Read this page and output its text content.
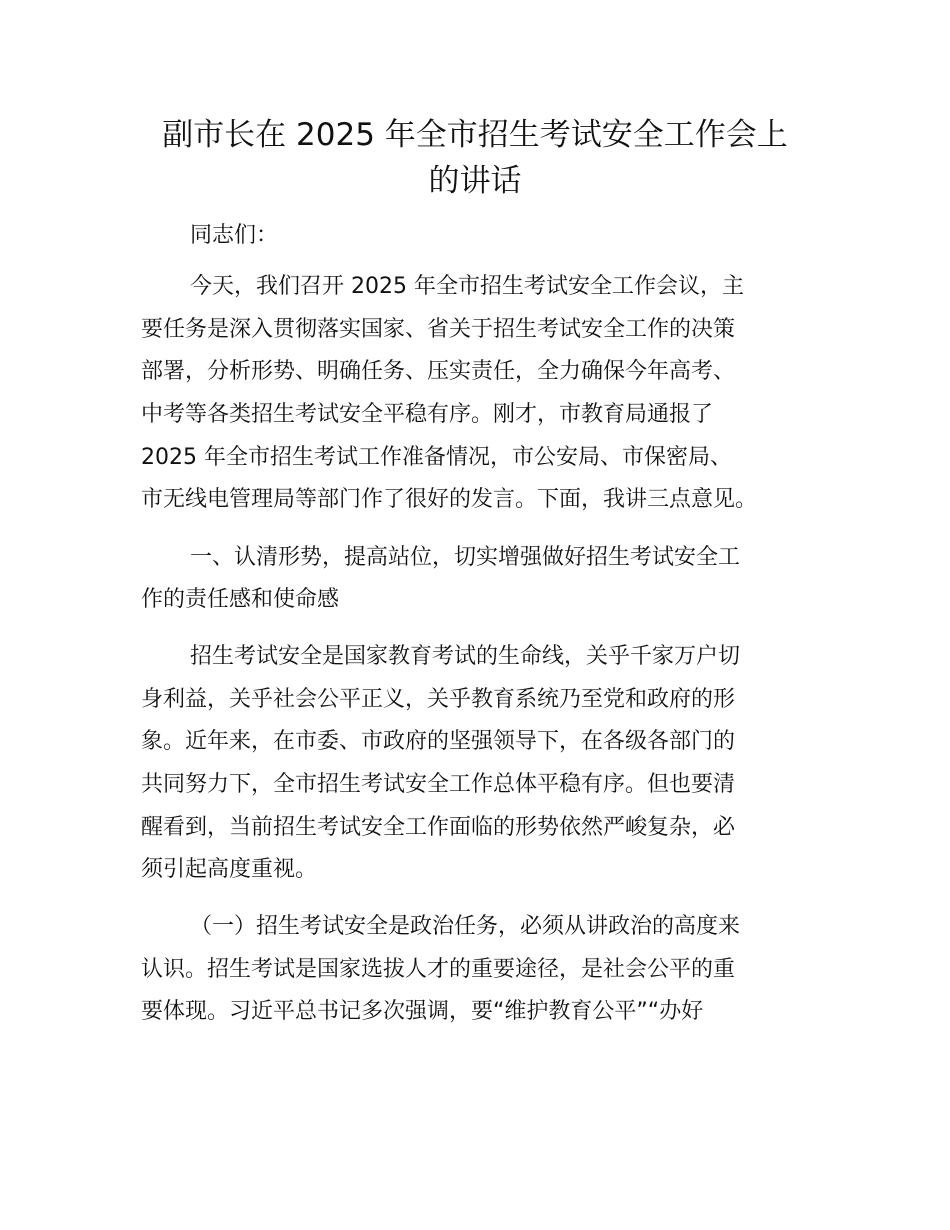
副市长在 2025 年全市招生考试安全工作会上
的讲话

同志们：

今天，我们召开 2025 年全市招生考试安全工作会议，主

要任务是深入贯彻落实国家、省关于招生考试安全工作的决策

部署，分析形势、明确任务、压实责任，全力确保今年高考、

中考等各类招生考试安全平稳有序。刚才，市教育局通报了

2025 年全市招生考试工作准备情况，市公安局、市保密局、

市无线电管理局等部门作了很好的发言。下面，我讲三点意见。

一、认清形势，提高站位，切实增强做好招生考试安全工

作的责任感和使命感

招生考试安全是国家教育考试的生命线，关乎千家万户切

身利益，关乎社会公平正义，关乎教育系统乃至党和政府的形

象。近年来，在市委、市政府的坚强领导下，在各级各部门的

共同努力下，全市招生考试安全工作总体平稳有序。但也要清

醒看到，当前招生考试安全工作面临的形势依然严峻复杂，必

须引起高度重视。

（一）招生考试安全是政治任务，必须从讲政治的高度来

认识。招生考试是国家选拔人才的重要途径，是社会公平的重

要体现。习近平总书记多次强调，要“维护教育公平”“办好
